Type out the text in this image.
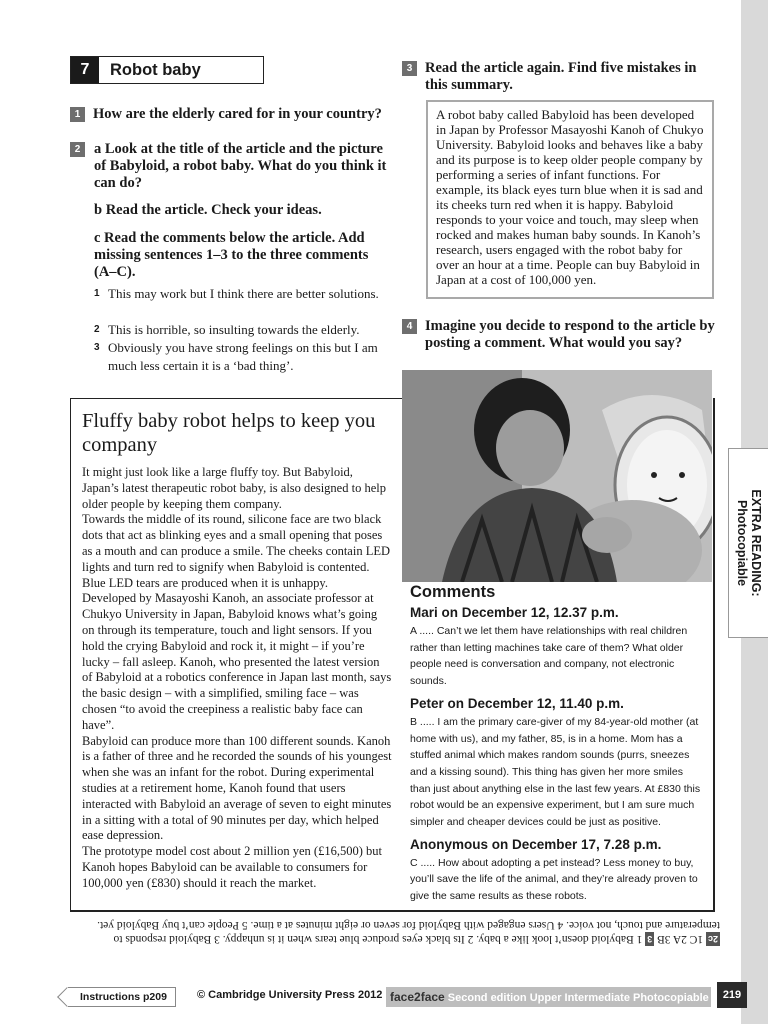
EXTRA READING:
Photocopiable
7	Robot baby
1 How are the elderly cared for in your country?
2 a Look at the title of the article and the picture of Babyloid, a robot baby. What do you think it can do?
b Read the article. Check your ideas.
c Read the comments below the article. Add missing sentences 1–3 to the three comments (A–C).
1 This may work but I think there are better solutions.
2 This is horrible, so insulting towards the elderly.
3 Obviously you have strong feelings on this but I am much less certain it is a ‘bad thing’.
3 Read the article again. Find five mistakes in this summary.
A robot baby called Babyloid has been developed in Japan by Professor Masayoshi Kanoh of Chukyo University. Babyloid looks and behaves like a baby and its purpose is to keep older people company by performing a series of infant functions. For example, its black eyes turn blue when it is sad and its cheeks turn red when it is happy. Babyloid responds to your voice and touch, may sleep when rocked and makes human baby sounds. In Kanoh’s research, users engaged with the robot baby for over an hour at a time. People can buy Babyloid in Japan at a cost of 100,000 yen.
4 Imagine you decide to respond to the article by posting a comment. What would you say?
Fluffy baby robot helps to keep you company

It might just look like a large fluffy toy. But Babyloid, Japan’s latest therapeutic robot baby, is also designed to help older people by keeping them company.

Towards the middle of its round, silicone face are two black dots that act as blinking eyes and a small opening that poses as a mouth and can produce a smile. The cheeks contain LED lights and turn red to signify when Babyloid is contented. Blue LED tears are produced when it is unhappy.

Developed by Masayoshi Kanoh, an associate professor at Chukyo University in Japan, Babyloid knows what’s going on through its temperature, touch and light sensors. If you hold the crying Babyloid and rock it, it might – if you’re lucky – fall asleep. Kanoh, who presented the latest version of Babyloid at a robotics conference in Japan last month, says the basic design – with a simplified, smiling face – was chosen “to avoid the creepiness a realistic baby face can have”.

Babyloid can produce more than 100 different sounds. Kanoh is a father of three and he recorded the sounds of his youngest when she was an infant for the robot. During experimental studies at a retirement home, Kanoh found that users interacted with Babyloid an average of seven to eight minutes in a sitting with a total of 90 minutes per day, which helped ease depression.

The prototype model cost about 2 million yen (£16,500) but Kanoh hopes Babyloid can be available to consumers for 100,000 yen (£830) should it reach the market.

Comments
Mari on December 12, 12.37 p.m.
A ..... Can’t we let them have relationships with real children rather than letting machines take care of them? What older people need is conversation and company, not electronic sounds.
Peter on December 12, 11.40 p.m.
B ..... I am the primary care-giver of my 84-year-old mother (at home with us), and my father, 85, is in a home. Mom has a stuffed animal which makes random sounds (purrs, sneezes and a kissing sound). This thing has given her more smiles than just about anything else in the last few years. At £830 this robot would be an expensive experiment, but I am sure much simpler and cheaper devices could be just as positive.
Anonymous on December 17, 7.28 p.m.
C ..... How about adopting a pet instead? Less money to buy, you’ll save the life of the animal, and they’re already proven to give the same results as these robots.
2c 1C 2A 3B 3 1 Babyloid doesn’t look like a baby. 2 Its black eyes produce blue tears when it is unhappy. 3 Babyloid responds to temperature and touch, not voice. 4 Users engaged with Babyloid for seven or eight minutes at a time. 5 People can’t buy Babyloid yet.
Instructions p209	© Cambridge University Press 2012 face2face Second edition Upper Intermediate Photocopiable	219
